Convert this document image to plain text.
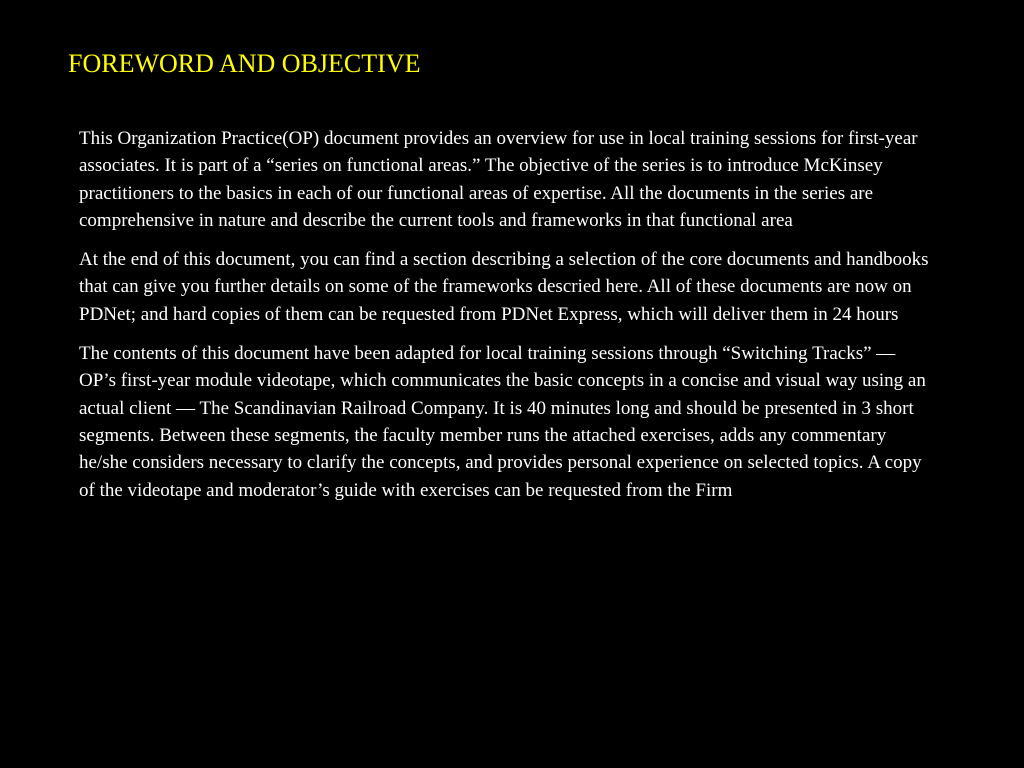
FOREWORD AND OBJECTIVE

This Organization Practice(OP) document provides an overview for use in local training sessions for first-year associates. It is part of a “series on functional areas.” The objective of the series is to introduce McKinsey practitioners to the basics in each of our functional areas of expertise. All the documents in the series are comprehensive in nature and describe the current tools and frameworks in that functional area

At the end of this document, you can find a section describing a selection of the core documents and handbooks that can give you further details on some of the frameworks descried here. All of these documents are now on PDNet; and hard copies of them can be requested from PDNet Express, which will deliver them in 24 hours

The contents of this document have been adapted for local training sessions through “Switching Tracks” — OP’s first-year module videotape, which communicates the basic concepts in a concise and visual way using an actual client — The Scandinavian Railroad Company. It is 40 minutes long and should be presented in 3 short segments. Between these segments, the faculty member runs the attached exercises, adds any commentary he/she considers necessary to clarify the concepts, and provides personal experience on selected topics. A copy of the videotape and moderator’s guide with exercises can be requested from the Firm
